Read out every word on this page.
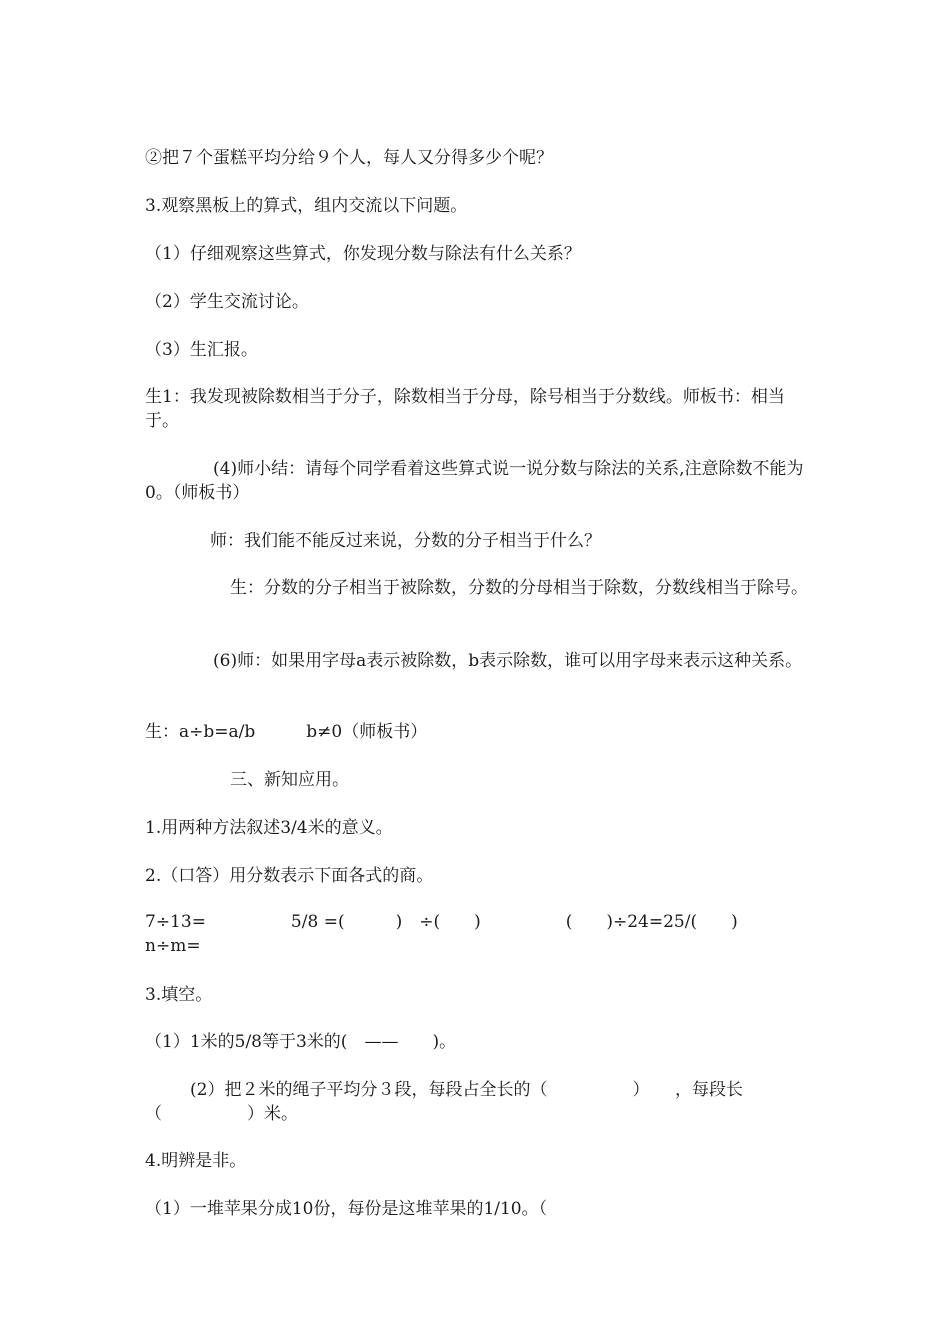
②把７个蛋糕平均分给９个人，每人又分得多少个呢？

3.观察黑板上的算式，组内交流以下问题。

（1）仔细观察这些算式，你发现分数与除法有什么关系？

（2）学生交流讨论。

（3）生汇报。

生1：我发现被除数相当于分子，除数相当于分母，除号相当于分数线。师板书：相当于。

(4)师小结：请每个同学看着这些算式说一说分数与除法的关系,注意除数不能为0。（师板书）

师：我们能不能反过来说，分数的分子相当于什么？

生：分数的分子相当于被除数，分数的分母相当于除数，分数线相当于除号。

(6)师：如果用字母a表示被除数，b表示除数，谁可以用字母来表示这种关系。

生：a÷b=a/b　　　b≠0（师板书）

三、新知应用。

1.用两种方法叙述3/4米的意义。

2.（口答）用分数表示下面各式的商。

7÷13=　　　　　5/8 =(　　　)　÷(　　)　　　　　(　　)÷24=25/(　　)

n÷m=

3.填空。

（1）1米的5/8等于3米的(　——　　)。

(2）把２米的绳子平均分３段，每段占全长的（　　　　　）　　，每段长（　　　　　）米。

4.明辨是非。

（1）一堆苹果分成10份，每份是这堆苹果的1/10。（
